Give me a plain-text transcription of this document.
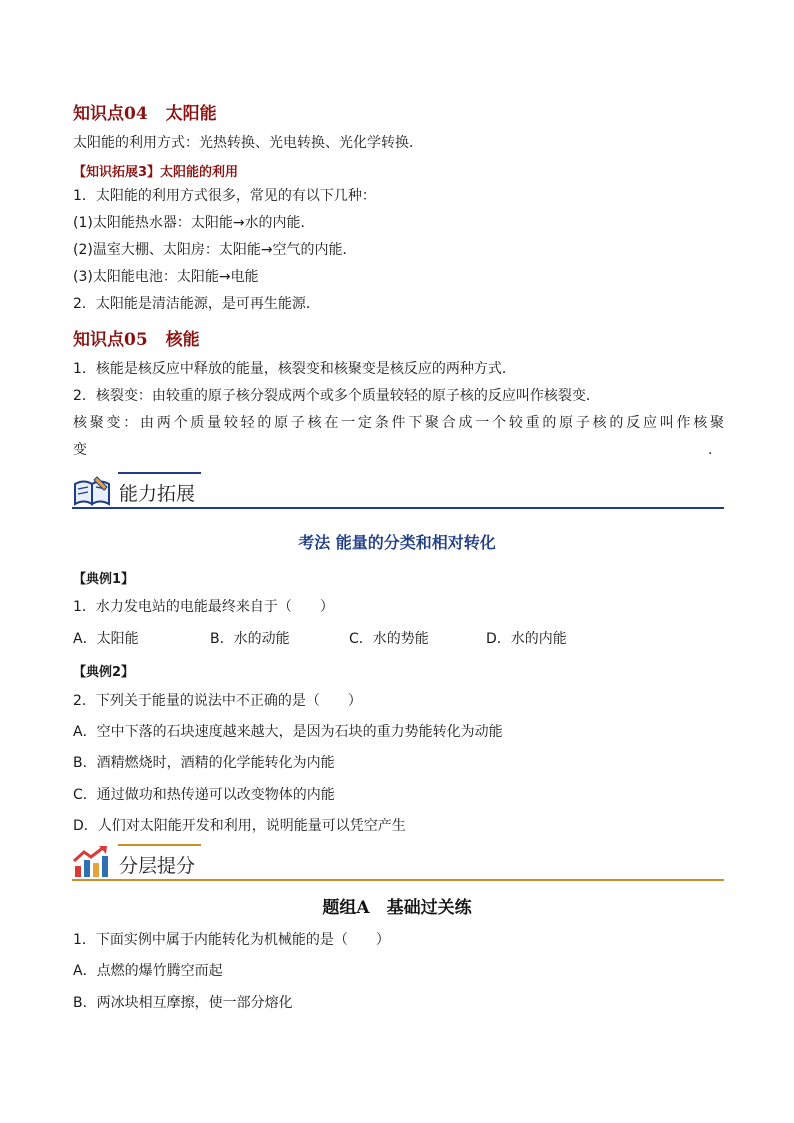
知识点04 太阳能
太阳能的利用方式：光热转换、光电转换、光化学转换．
【知识拓展3】太阳能的利用
1．太阳能的利用方式很多，常见的有以下几种：
(1)太阳能热水器：太阳能→水的内能．
(2)温室大棚、太阳房：太阳能→空气的内能．
(3)太阳能电池：太阳能→电能
2．太阳能是清洁能源，是可再生能源．
知识点05 核能
1．核能是核反应中释放的能量，核裂变和核聚变是核反应的两种方式．
2．核裂变：由较重的原子核分裂成两个或多个质量较轻的原子核的反应叫作核裂变．
核聚变：由两个质量较轻的原子核在一定条件下聚合成一个较重的原子核的反应叫作核聚
变	.
能力拓展
考法 能量的分类和相对转化
【典例1】
1．水力发电站的电能最终来自于（　　）
A．太阳能	B．水的动能	C．水的势能	D．水的内能
【典例2】
2．下列关于能量的说法中不正确的是（　　）
A．空中下落的石块速度越来越大，是因为石块的重力势能转化为动能
B．酒精燃烧时，酒精的化学能转化为内能
C．通过做功和热传递可以改变物体的内能
D．人们对太阳能开发和利用，说明能量可以凭空产生
分层提分
题组A　基础过关练
1．下面实例中属于内能转化为机械能的是（　　）
A．点燃的爆竹腾空而起
B．两冰块相互摩擦，使一部分熔化
